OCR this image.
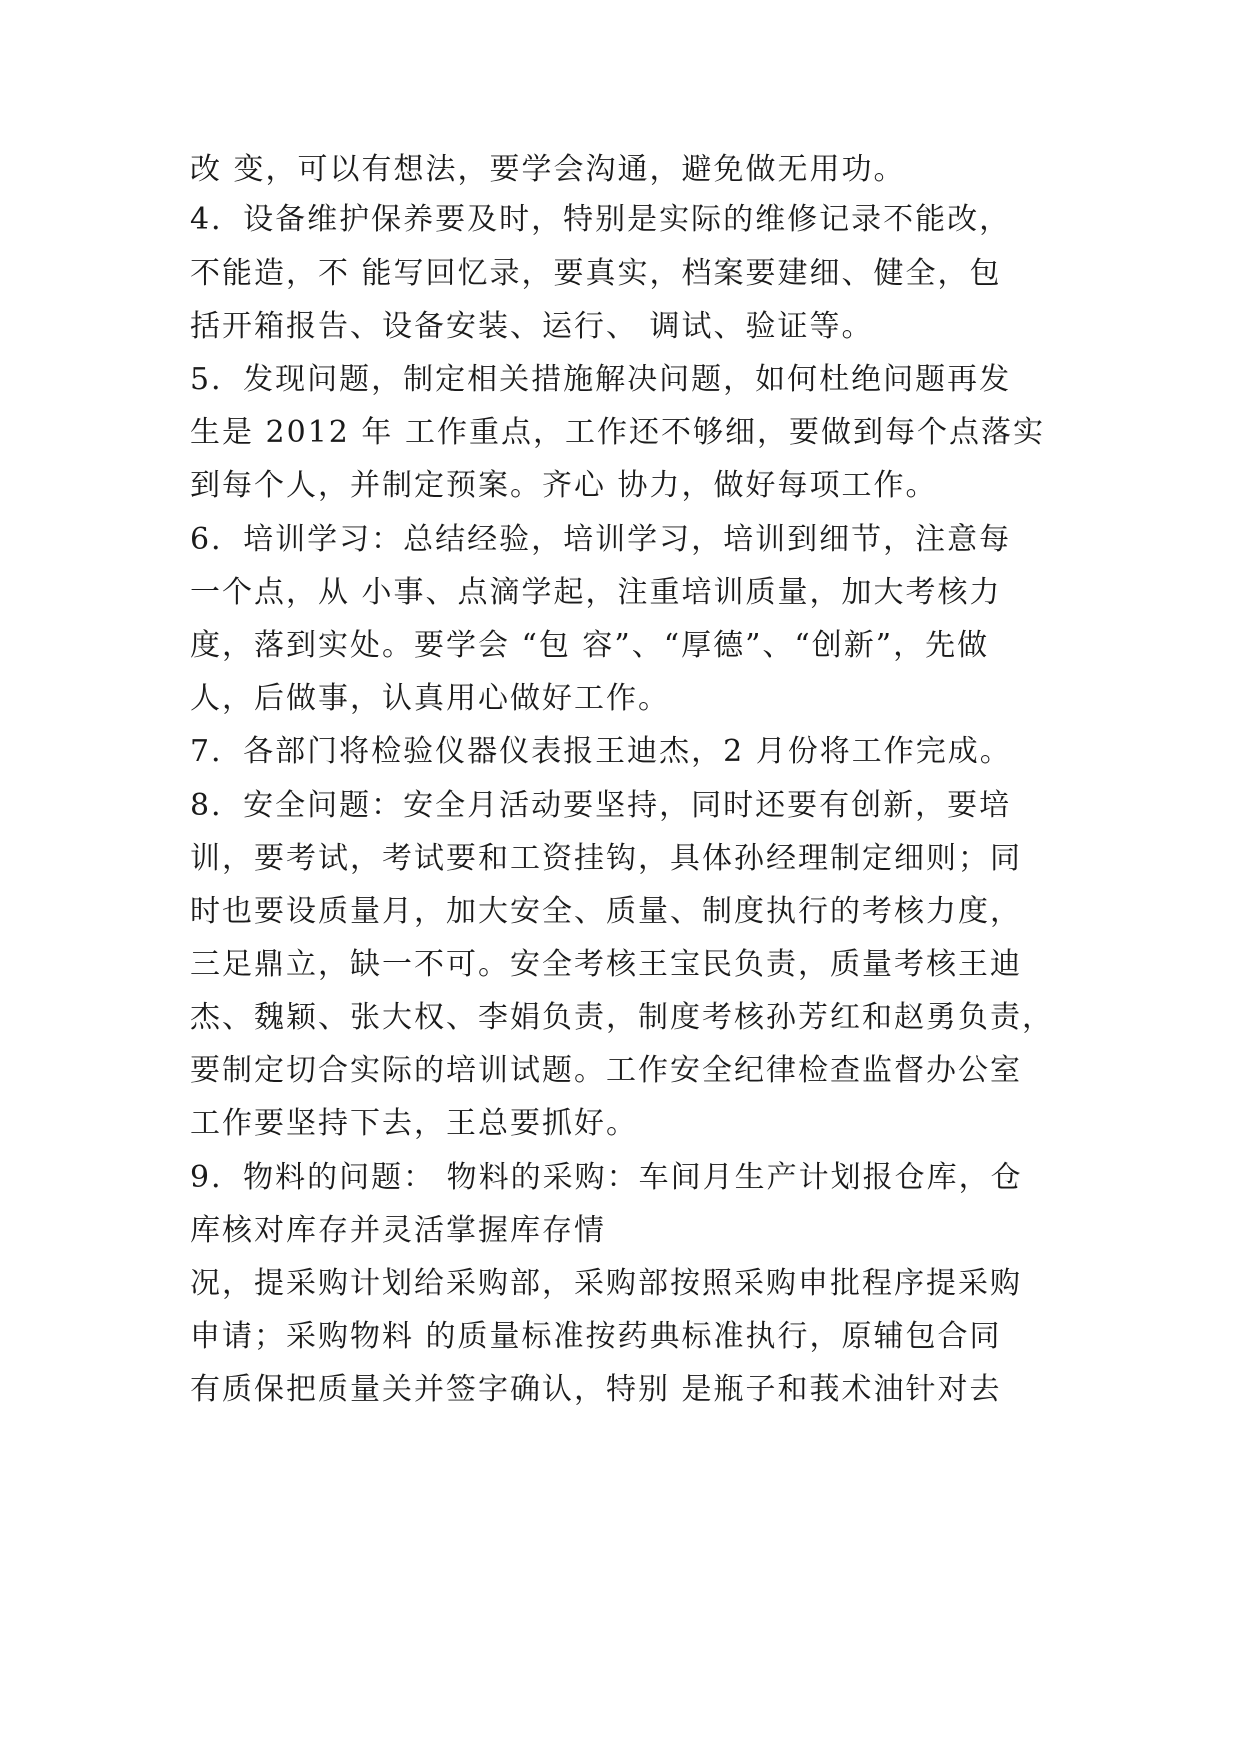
改 变，可以有想法，要学会沟通，避免做无用功。

4．设备维护保养要及时，特别是实际的维修记录不能改，

不能造，不 能写回忆录，要真实，档案要建细、健全，包

括开箱报告、设备安装、运行、 调试、验证等。

5．发现问题，制定相关措施解决问题，如何杜绝问题再发

生是 2012 年 工作重点，工作还不够细，要做到每个点落实

到每个人，并制定预案。齐心 协力，做好每项工作。

6．培训学习：总结经验，培训学习，培训到细节，注意每

一个点，从 小事、点滴学起，注重培训质量，加大考核力

度，落到实处。要学会 “包 容”、“厚德”、“创新”，先做

人，后做事，认真用心做好工作。

7．各部门将检验仪器仪表报王迪杰，2 月份将工作完成。

8．安全问题：安全月活动要坚持，同时还要有创新，要培

训，要考试，考试要和工资挂钩，具体孙经理制定细则；同

时也要设质量月，加大安全、质量、制度执行的考核力度，

三足鼎立，缺一不可。安全考核王宝民负责，质量考核王迪

杰、魏颖、张大权、李娟负责，制度考核孙芳红和赵勇负责，

要制定切合实际的培训试题。工作安全纪律检查监督办公室

工作要坚持下去，王总要抓好。

9．物料的问题： 物料的采购：车间月生产计划报仓库，仓

库核对库存并灵活掌握库存情

况，提采购计划给采购部，采购部按照采购申批程序提采购

申请；采购物料 的质量标准按药典标准执行，原辅包合同

有质保把质量关并签字确认，特别 是瓶子和莪术油针对去
